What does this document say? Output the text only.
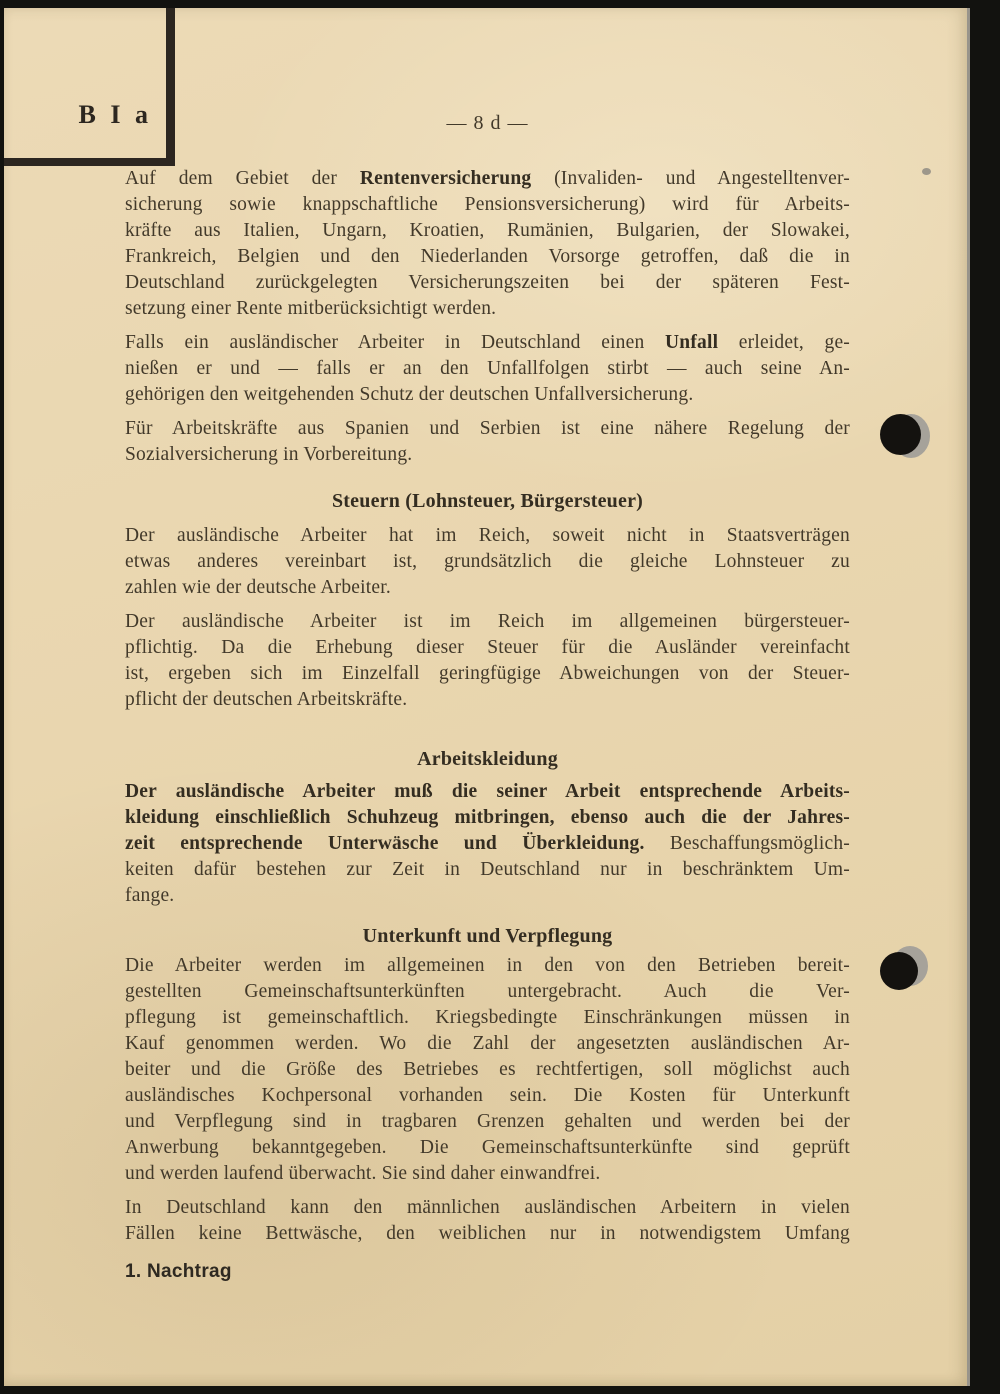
B I a	— 8 d —
Auf dem Gebiet der Rentenversicherung (Invaliden- und Angestelltenver-
sicherung sowie knappschaftliche Pensionsversicherung) wird für Arbeits-
kräfte aus Italien, Ungarn, Kroatien, Rumänien, Bulgarien, der Slowakei,
Frankreich, Belgien und den Niederlanden Vorsorge getroffen, daß die in
Deutschland zurückgelegten Versicherungszeiten bei der späteren Fest-
setzung einer Rente mitberücksichtigt werden.
Falls ein ausländischer Arbeiter in Deutschland einen Unfall erleidet, ge-
nießen er und — falls er an den Unfallfolgen stirbt — auch seine An-
gehörigen den weitgehenden Schutz der deutschen Unfallversicherung.
Für Arbeitskräfte aus Spanien und Serbien ist eine nähere Regelung der
Sozialversicherung in Vorbereitung.
Steuern (Lohnsteuer, Bürgersteuer)
Der ausländische Arbeiter hat im Reich, soweit nicht in Staatsverträgen
etwas anderes vereinbart ist, grundsätzlich die gleiche Lohnsteuer zu
zahlen wie der deutsche Arbeiter.
Der ausländische Arbeiter ist im Reich im allgemeinen bürgersteuer-
pflichtig. Da die Erhebung dieser Steuer für die Ausländer vereinfacht
ist, ergeben sich im Einzelfall geringfügige Abweichungen von der Steuer-
pflicht der deutschen Arbeitskräfte.
Arbeitskleidung
Der ausländische Arbeiter muß die seiner Arbeit entsprechende Arbeits-
kleidung einschließlich Schuhzeug mitbringen, ebenso auch die der Jahres-
zeit entsprechende Unterwäsche und Überkleidung. Beschaffungsmöglich-
keiten dafür bestehen zur Zeit in Deutschland nur in beschränktem Um-
fange.
Unterkunft und Verpflegung
Die Arbeiter werden im allgemeinen in den von den Betrieben bereit-
gestellten Gemeinschaftsunterkünften untergebracht. Auch die Ver-
pflegung ist gemeinschaftlich. Kriegsbedingte Einschränkungen müssen in
Kauf genommen werden. Wo die Zahl der angesetzten ausländischen Ar-
beiter und die Größe des Betriebes es rechtfertigen, soll möglichst auch
ausländisches Kochpersonal vorhanden sein. Die Kosten für Unterkunft
und Verpflegung sind in tragbaren Grenzen gehalten und werden bei der
Anwerbung bekanntgegeben. Die Gemeinschaftsunterkünfte sind geprüft
und werden laufend überwacht. Sie sind daher einwandfrei.
In Deutschland kann den männlichen ausländischen Arbeitern in vielen
Fällen keine Bettwäsche, den weiblichen nur in notwendigstem Umfang
1. Nachtrag
